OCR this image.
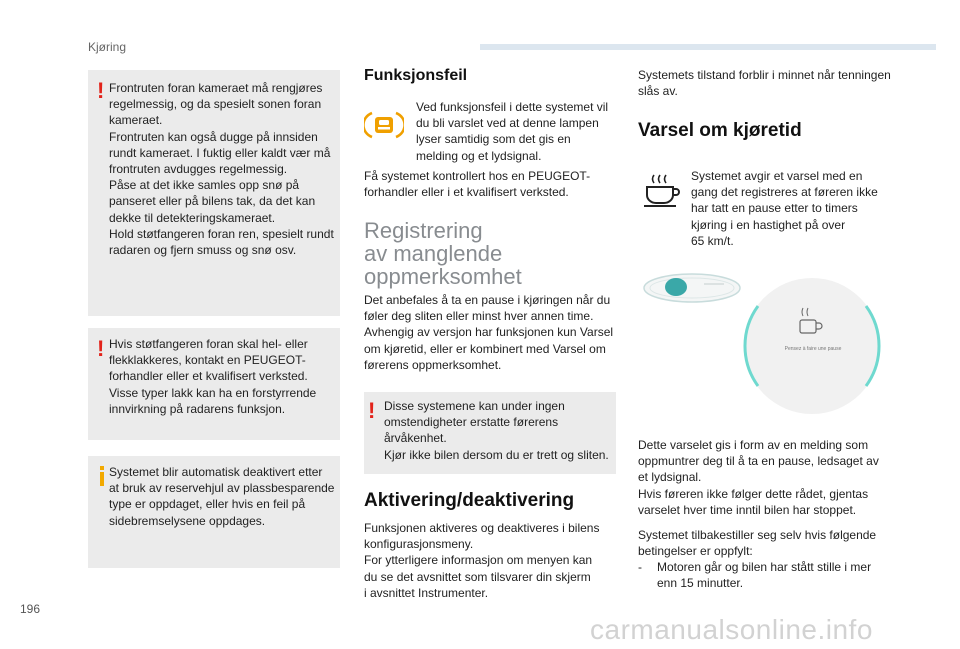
Kjøring
! Frontruten foran kameraet må rengjøres
regelmessig, og da spesielt sonen foran
kameraet.
Frontruten kan også dugge på innsiden
rundt kameraet. I fuktig eller kaldt vær må
frontruten avdugges regelmessig.
Påse at det ikke samles opp snø på
panseret eller på bilens tak, da det kan
dekke til detekteringskameraet.
Hold støtfangeren foran ren, spesielt rundt
radaren og fjern smuss og snø osv.

! Hvis støtfangeren foran skal hel- eller
flekklakkeres, kontakt en PEUGEOT-
forhandler eller et kvalifisert verksted.
Visse typer lakk kan ha en forstyrrende
innvirkning på radarens funksjon.

Systemet blir automatisk deaktivert etter
at bruk av reservehjul av plassbesparende
type er oppdaget, eller hvis en feil på
sidebremselysene oppdages.

Funksjonsfeil

Ved funksjonsfeil i dette systemet vil
du bli varslet ved at denne lampen
lyser samtidig som det gis en
melding og et lydsignal.

Få systemet kontrollert hos en PEUGEOT-
forhandler eller i et kvalifisert verksted.

Registrering
av manglende
oppmerksomhet

Det anbefales å ta en pause i kjøringen når du
føler deg sliten eller minst hver annen time.
Avhengig av versjon har funksjonen kun Varsel
om kjøretid, eller er kombinert med Varsel om
førerens oppmerksomhet.

! Disse systemene kan under ingen
omstendigheter erstatte førerens
årvåkenhet.
Kjør ikke bilen dersom du er trett og sliten.

Aktivering/deaktivering

Funksjonen aktiveres og deaktiveres i bilens
konfigurasjonsmeny.
For ytterligere informasjon om menyen kan
du se det avsnittet som tilsvarer din skjerm
i avsnittet Instrumenter.

Systemets tilstand forblir i minnet når tenningen
slås av.

Varsel om kjøretid

Systemet avgir et varsel med en
gang det registreres at føreren ikke
har tatt en pause etter to timers
kjøring i en hastighet på over
65 km/t.

Pensez à faire une pause

Dette varselet gis i form av en melding som
oppmuntrer deg til å ta en pause, ledsaget av
et lydsignal.
Hvis føreren ikke følger dette rådet, gjentas
varselet hver time inntil bilen har stoppet.

Systemet tilbakestiller seg selv hvis følgende
betingelser er oppfylt:

- Motoren går og bilen har stått stille i mer
enn 15 minutter.

196
carmanualsonline.info
